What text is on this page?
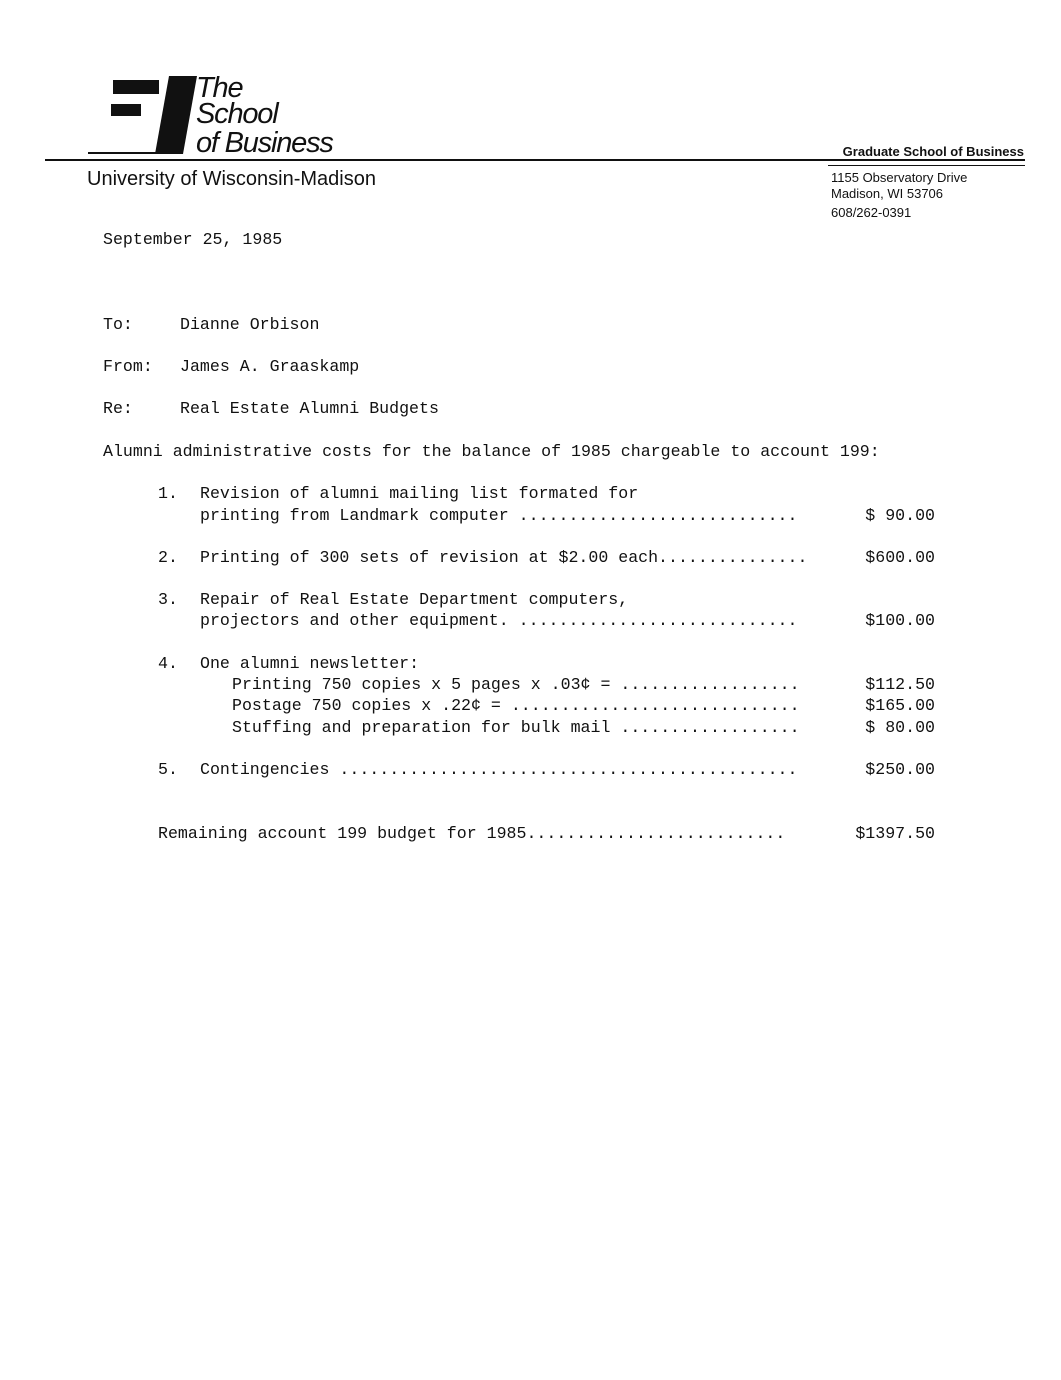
The
School
of Business
University of Wisconsin-Madison
Graduate School of Business
1155 Observatory Drive
Madison, WI 53706
608/262-0391
September 25, 1985
To:	Dianne Orbison
From: James A. Graaskamp
Re:	Real Estate Alumni Budgets
Alumni administrative costs for the balance of 1985 chargeable to account 199:
1. Revision of alumni mailing list formated for
printing from Landmark computer ............................	$ 90.00
2. Printing of 300 sets of revision at $2.00 each...............	$600.00
3. Repair of Real Estate Department computers,
projectors and other equipment. ............................	$100.00
4. One alumni newsletter:
Printing 750 copies x 5 pages x .03¢ = ..................	$112.50
Postage 750 copies x .22¢ = .............................	$165.00
Stuffing and preparation for bulk mail ..................	$ 80.00
5. Contingencies ..............................................	$250.00
Remaining account 199 budget for 1985..........................	$1397.50
